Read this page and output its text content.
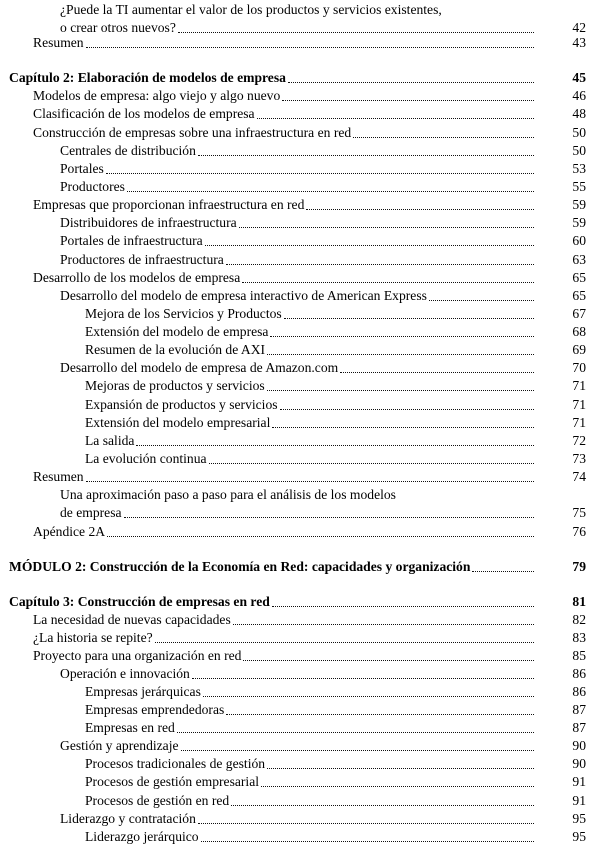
¿Puede la TI aumentar el valor de los productos y servicios existentes,
o crear otros nuevos?	42
Resumen	43
Capítulo 2: Elaboración de modelos de empresa	45
Modelos de empresa: algo viejo y algo nuevo	46
Clasificación de los modelos de empresa	48
Construcción de empresas sobre una infraestructura en red	50
Centrales de distribución	50
Portales	53
Productores	55
Empresas que proporcionan infraestructura en red	59
Distribuidores de infraestructura	59
Portales de infraestructura	60
Productores de infraestructura	63
Desarrollo de los modelos de empresa	65
Desarrollo del modelo de empresa interactivo de American Express	65
Mejora de los Servicios y Productos	67
Extensión del modelo de empresa	68
Resumen de la evolución de AXI	69
Desarrollo del modelo de empresa de Amazon.com	70
Mejoras de productos y servicios	71
Expansión de productos y servicios	71
Extensión del modelo empresarial	71
La salida	72
La evolución continua	73
Resumen	74
Una aproximación paso a paso para el análisis de los modelos
de empresa	75
Apéndice 2A	76
MÓDULO 2: Construcción de la Economía en Red: capacidades y organización	79
Capítulo 3: Construcción de empresas en red	81
La necesidad de nuevas capacidades	82
¿La historia se repite?	83
Proyecto para una organización en red	85
Operación e innovación	86
Empresas jerárquicas	86
Empresas emprendedoras	87
Empresas en red	87
Gestión y aprendizaje	90
Procesos tradicionales de gestión	90
Procesos de gestión empresarial	91
Procesos de gestión en red	91
Liderazgo y contratación	95
Liderazgo jerárquico	95
